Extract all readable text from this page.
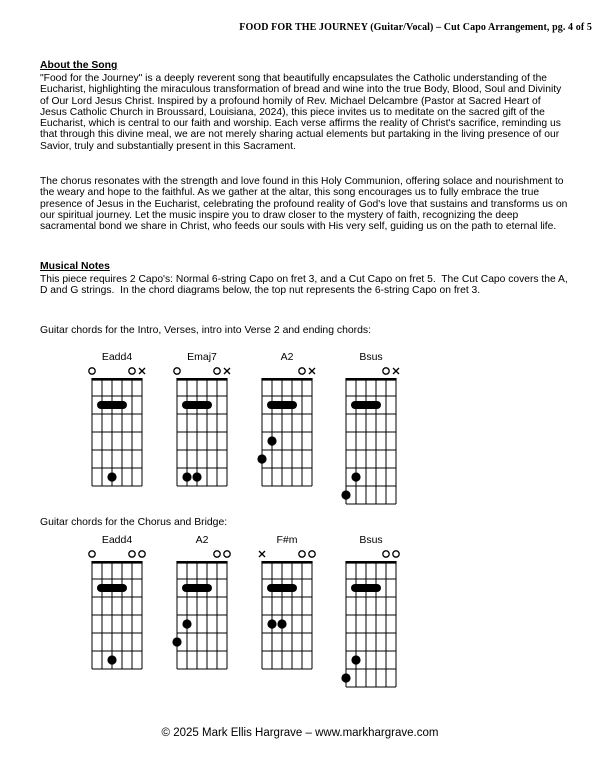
FOOD FOR THE JOURNEY (Guitar/Vocal) – Cut Capo Arrangement, pg. 4 of 5
About the Song
"Food for the Journey" is a deeply reverent song that beautifully encapsulates the Catholic understanding of the Eucharist, highlighting the miraculous transformation of bread and wine into the true Body, Blood, Soul and Divinity of Our Lord Jesus Christ. Inspired by a profound homily of Rev. Michael Delcambre (Pastor at Sacred Heart of Jesus Catholic Church in Broussard, Louisiana, 2024), this piece invites us to meditate on the sacred gift of the Eucharist, which is central to our faith and worship. Each verse affirms the reality of Christ's sacrifice, reminding us that through this divine meal, we are not merely sharing actual elements but partaking in the living presence of our Savior, truly and substantially present in this Sacrament.
The chorus resonates with the strength and love found in this Holy Communion, offering solace and nourishment to the weary and hope to the faithful. As we gather at the altar, this song encourages us to fully embrace the true presence of Jesus in the Eucharist, celebrating the profound reality of God's love that sustains and transforms us on our spiritual journey. Let the music inspire you to draw closer to the mystery of faith, recognizing the deep sacramental bond we share in Christ, who feeds our souls with His very self, guiding us on the path to eternal life.
Musical Notes
This piece requires 2 Capo's: Normal 6-string Capo on fret 3, and a Cut Capo on fret 5.  The Cut Capo covers the A, D and G strings.  In the chord diagrams below, the top nut represents the 6-string Capo on fret 3.
Guitar chords for the Intro, Verses, intro into Verse 2 and ending chords:
Eadd4	Emaj7	A2	Bsus
Guitar chords for the Chorus and Bridge:
Eadd4	A2	F#m	Bsus
© 2025 Mark Ellis Hargrave – www.markhargrave.com
